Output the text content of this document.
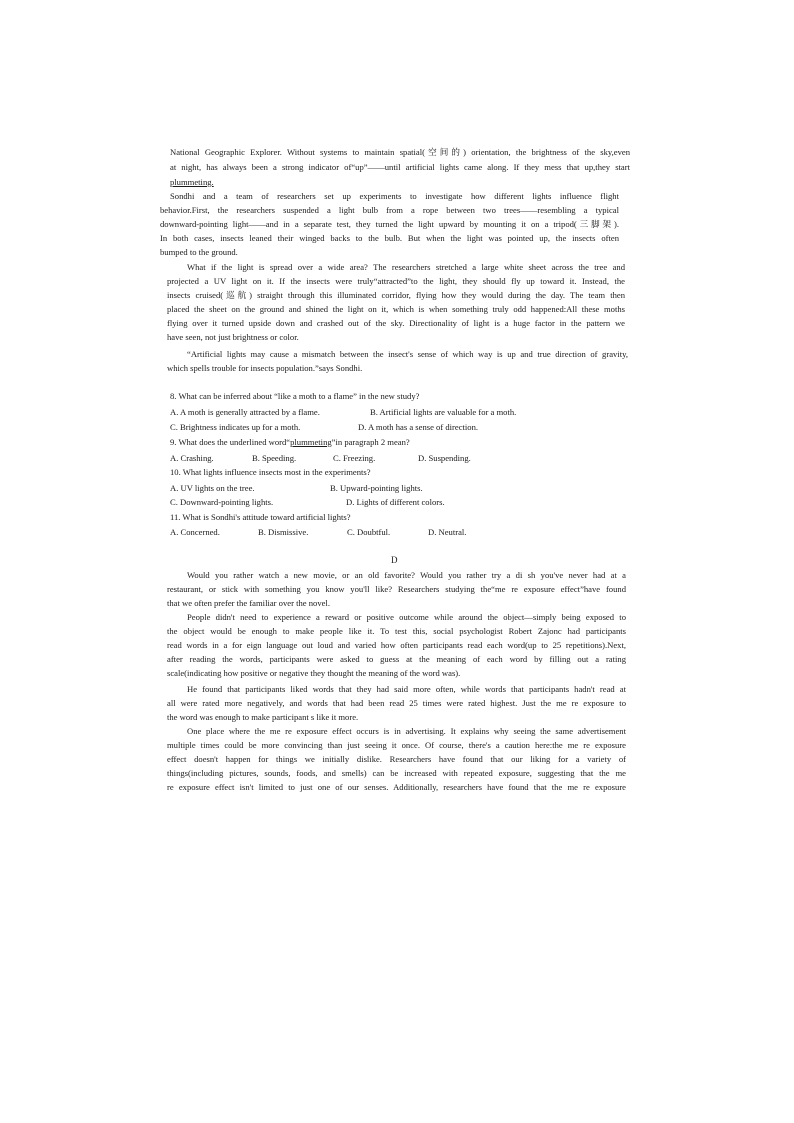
National Geographic Explorer. Without systems to maintain spatial(空间的) orientation, the brightness of the sky,even

at night, has always been a strong indicator of“up”——until artificial lights came along. If they mess that up,they start

plummeting.

Sondhi and a team of researchers set up experiments to investigate how different lights influence flight

behavior.First, the researchers suspended a light bulb from a rope between two trees——resembling a typical

downward-pointing light——and in a separate test, they turned the light upward by mounting it on a tripod(三脚架).

In both cases, insects leaned their winged backs to the bulb. But when the light was pointed up, the insects often

bumped to the ground.

What if the light is spread over a wide area? The researchers stretched a large white sheet across the tree and

projected a UV light on it. If the insects were truly“attracted”to the light, they should fly up toward it. Instead, the

insects cruised(巡航) straight through this illuminated corridor, flying how they would during the day. The team then

placed the sheet on the ground and shined the light on it, which is when something truly odd happened:All these moths

flying over it turned upside down and crashed out of the sky. Directionality of light is a huge factor in the pattern we

have seen, not just brightness or color.

“Artificial lights may cause a mismatch between the insect's sense of which way is up and true direction of gravity,

which spells trouble for insects population.”says Sondhi.

8. What can be inferred about “like a moth to a flame” in the new study?

A. A moth is generally attracted by a flame.	B. Artificial lights are valuable for a moth.
C. Brightness indicates up for a moth.	D. A moth has a sense of direction.

9. What does the underlined word“plummeting”in paragraph 2 mean?

A. Crashing.	B. Speeding.	C. Freezing.	D. Suspending.

10. What lights influence insects most in the experiments?

A. UV lights on the tree.	B. Upward-pointing lights.
C. Downward-pointing lights.	D. Lights of different colors.

11. What is Sondhi's attitude toward artificial lights?

A. Concerned.	B. Dismissive.	C. Doubtful.	D. Neutral.
D

Would you rather watch a new movie, or an old favorite? Would you rather try a di sh you've never had at a

restaurant, or stick with something you know you'll like? Researchers studying the“me re exposure effect”have found

that we often prefer the familiar over the novel.

People didn't need to experience a reward or positive outcome while around the object—simply being exposed to

the object would be enough to make people like it. To test this, social psychologist Robert Zajonc had participants

read words in a for eign language out loud and varied how often participants read each word(up to 25 repetitions).Next,

after reading the words, participants were asked to guess at the meaning of each word by filling out a rating

scale(indicating how positive or negative they thought the meaning of the word was).

He found that participants liked words that they had said more often, while words that participants hadn't read at

all were rated more negatively, and words that had been read 25 times were rated highest. Just the me re exposure to

the word was enough to make participant s like it more.

One place where the me re exposure effect occurs is in advertising. It explains why seeing the same advertisement

multiple times could be more convincing than just seeing it once. Of course, there's a caution here:the me re exposure

effect doesn't happen for things we initially dislike. Researchers have found that our liking for a variety of

things(including pictures, sounds, foods, and smells) can be increased with repeated exposure, suggesting that the me

re exposure effect isn't limited to just one of our senses. Additionally, researchers have found that the me re exposure
